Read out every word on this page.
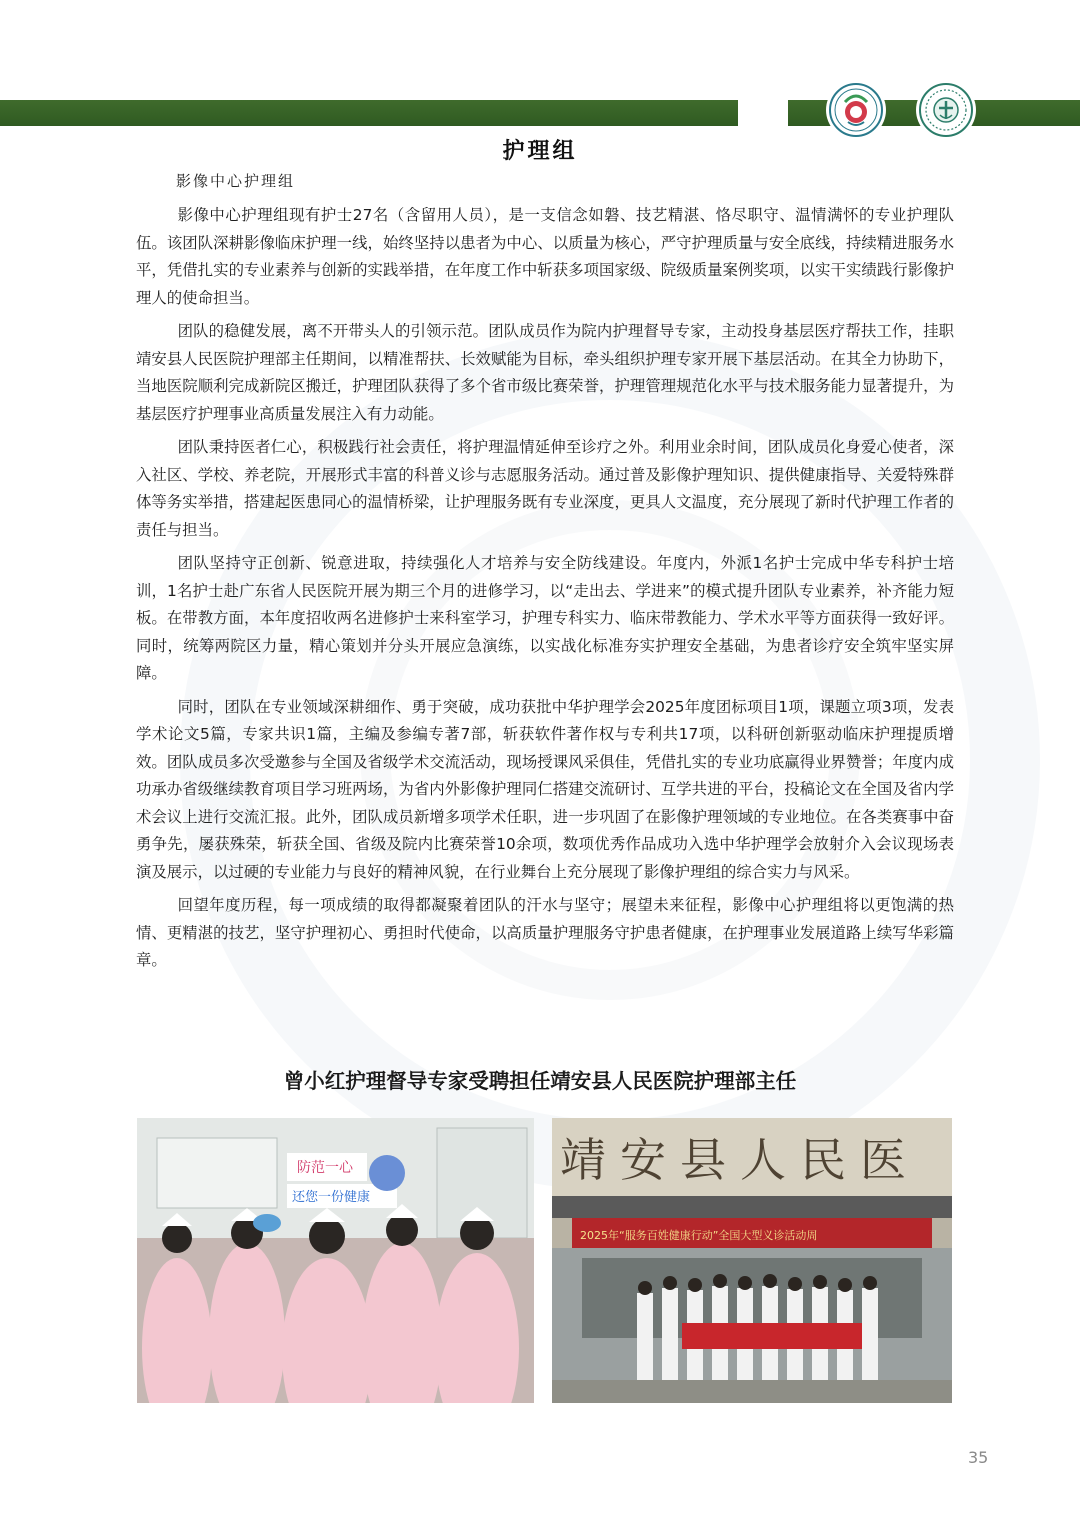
护理组
影像中心护理组

影像中心护理组现有护士27名（含留用人员），是一支信念如磐、技艺精湛、恪尽职守、温情满怀的专业护理队伍。该团队深耕影像临床护理一线，始终坚持以患者为中心、以质量为核心，严守护理质量与安全底线，持续精进服务水平，凭借扎实的专业素养与创新的实践举措，在年度工作中斩获多项国家级、院级质量案例奖项，以实干实绩践行影像护理人的使命担当。

团队的稳健发展，离不开带头人的引领示范。团队成员作为院内护理督导专家，主动投身基层医疗帮扶工作，挂职靖安县人民医院护理部主任期间，以精准帮扶、长效赋能为目标，牵头组织护理专家开展下基层活动。在其全力协助下，当地医院顺利完成新院区搬迁，护理团队获得了多个省市级比赛荣誉，护理管理规范化水平与技术服务能力显著提升，为基层医疗护理事业高质量发展注入有力动能。

团队秉持医者仁心，积极践行社会责任，将护理温情延伸至诊疗之外。利用业余时间，团队成员化身爱心使者，深入社区、学校、养老院，开展形式丰富的科普义诊与志愿服务活动。通过普及影像护理知识、提供健康指导、关爱特殊群体等务实举措，搭建起医患同心的温情桥梁，让护理服务既有专业深度，更具人文温度，充分展现了新时代护理工作者的责任与担当。

团队坚持守正创新、锐意进取，持续强化人才培养与安全防线建设。年度内，外派1名护士完成中华专科护士培训，1名护士赴广东省人民医院开展为期三个月的进修学习，以“走出去、学进来”的模式提升团队专业素养，补齐能力短板。在带教方面，本年度招收两名进修护士来科室学习，护理专科实力、临床带教能力、学术水平等方面获得一致好评。同时，统筹两院区力量，精心策划并分头开展应急演练，以实战化标准夯实护理安全基础，为患者诊疗安全筑牢坚实屏障。

同时，团队在专业领域深耕细作、勇于突破，成功获批中华护理学会2025年度团标项目1项，课题立项3项，发表学术论文5篇，专家共识1篇，主编及参编专著7部，斩获软件著作权与专利共17项，以科研创新驱动临床护理提质增效。团队成员多次受邀参与全国及省级学术交流活动，现场授课风采俱佳，凭借扎实的专业功底赢得业界赞誉；年度内成功承办省级继续教育项目学习班两场，为省内外影像护理同仁搭建交流研讨、互学共进的平台，投稿论文在全国及省内学术会议上进行交流汇报。此外，团队成员新增多项学术任职，进一步巩固了在影像护理领域的专业地位。在各类赛事中奋勇争先，屡获殊荣，斩获全国、省级及院内比赛荣誉10余项，数项优秀作品成功入选中华护理学会放射介入会议现场表演及展示，以过硬的专业能力与良好的精神风貌，在行业舞台上充分展现了影像护理组的综合实力与风采。

回望年度历程，每一项成绩的取得都凝聚着团队的汗水与坚守；展望未来征程，影像中心护理组将以更饱满的热情、更精湛的技艺，坚守护理初心、勇担时代使命，以高质量护理服务守护患者健康，在护理事业发展道路上续写华彩篇章。

曾小红护理督导专家受聘担任靖安县人民医院护理部主任
防范一心
还您一份健康
靖安县人民医
2025年“服务百姓健康行动”全国大型义诊活动周
35
